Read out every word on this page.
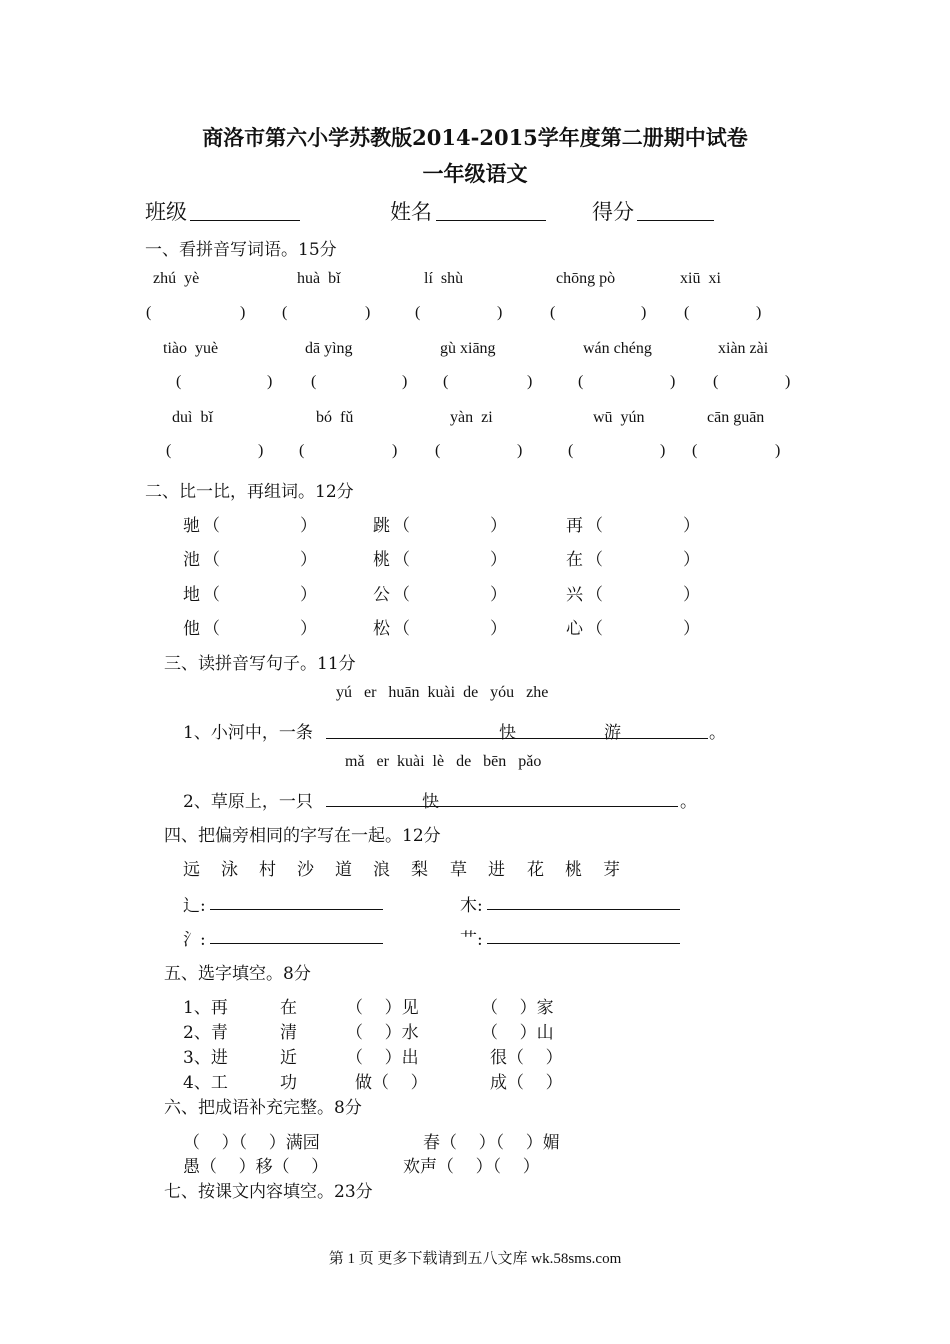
商洛市第六小学苏教版2014-2015学年度第二册期中试卷
一年级语文
班级	姓名	得分
一、看拼音写词语。15分
zhú  yè	huà  bǐ	lí  shù	chōng pò	xiū  xi
(	) (	)	(	)	(	) (	)
tiào  yuè	dā yìng	gù xiāng	wán chéng	xiàn zài
(	) (	) (	)	(	) (	)
duì  bǐ	bó  fǔ	yàn  zi	wū  yún	cān guān
(	) (	) (	)	(	) (	)
二、比一比，再组词。12分
驰 （	）	跳 （	）	再 （	）
池 （	）	桃 （	）	在 （	）
地 （	）	公 （	）	兴 （	）
他 （	）	松 （	）	心 （	）
三、读拼音写句子。11分
yú   er   huān  kuài  de   yóu   zhe
1、小河中，一条	快	游	。
mǎ   er  kuài  lè   de   bēn   pǎo
2、草原上，一只	快	。
四、把偏旁相同的字写在一起。12分
远 泳 村 沙 道 浪 梨 草 进 花 桃 芽
辶:	木:
氵:	艹:
五、选字填空。8分
1、再	在	（    ）见	（    ）家
2、青	清	（    ）水	（    ）山
3、进	近	（    ）出	很（    ）
4、工	功	做（    ）	成（    ）
六、把成语补充完整。8分
（    ）（    ）满园	春（    ）（    ）媚
愚（    ）移（    ）	欢声（    ）（    ）
七、按课文内容填空。23分
第 1 页 更多下载请到五八文库 wk.58sms.com
